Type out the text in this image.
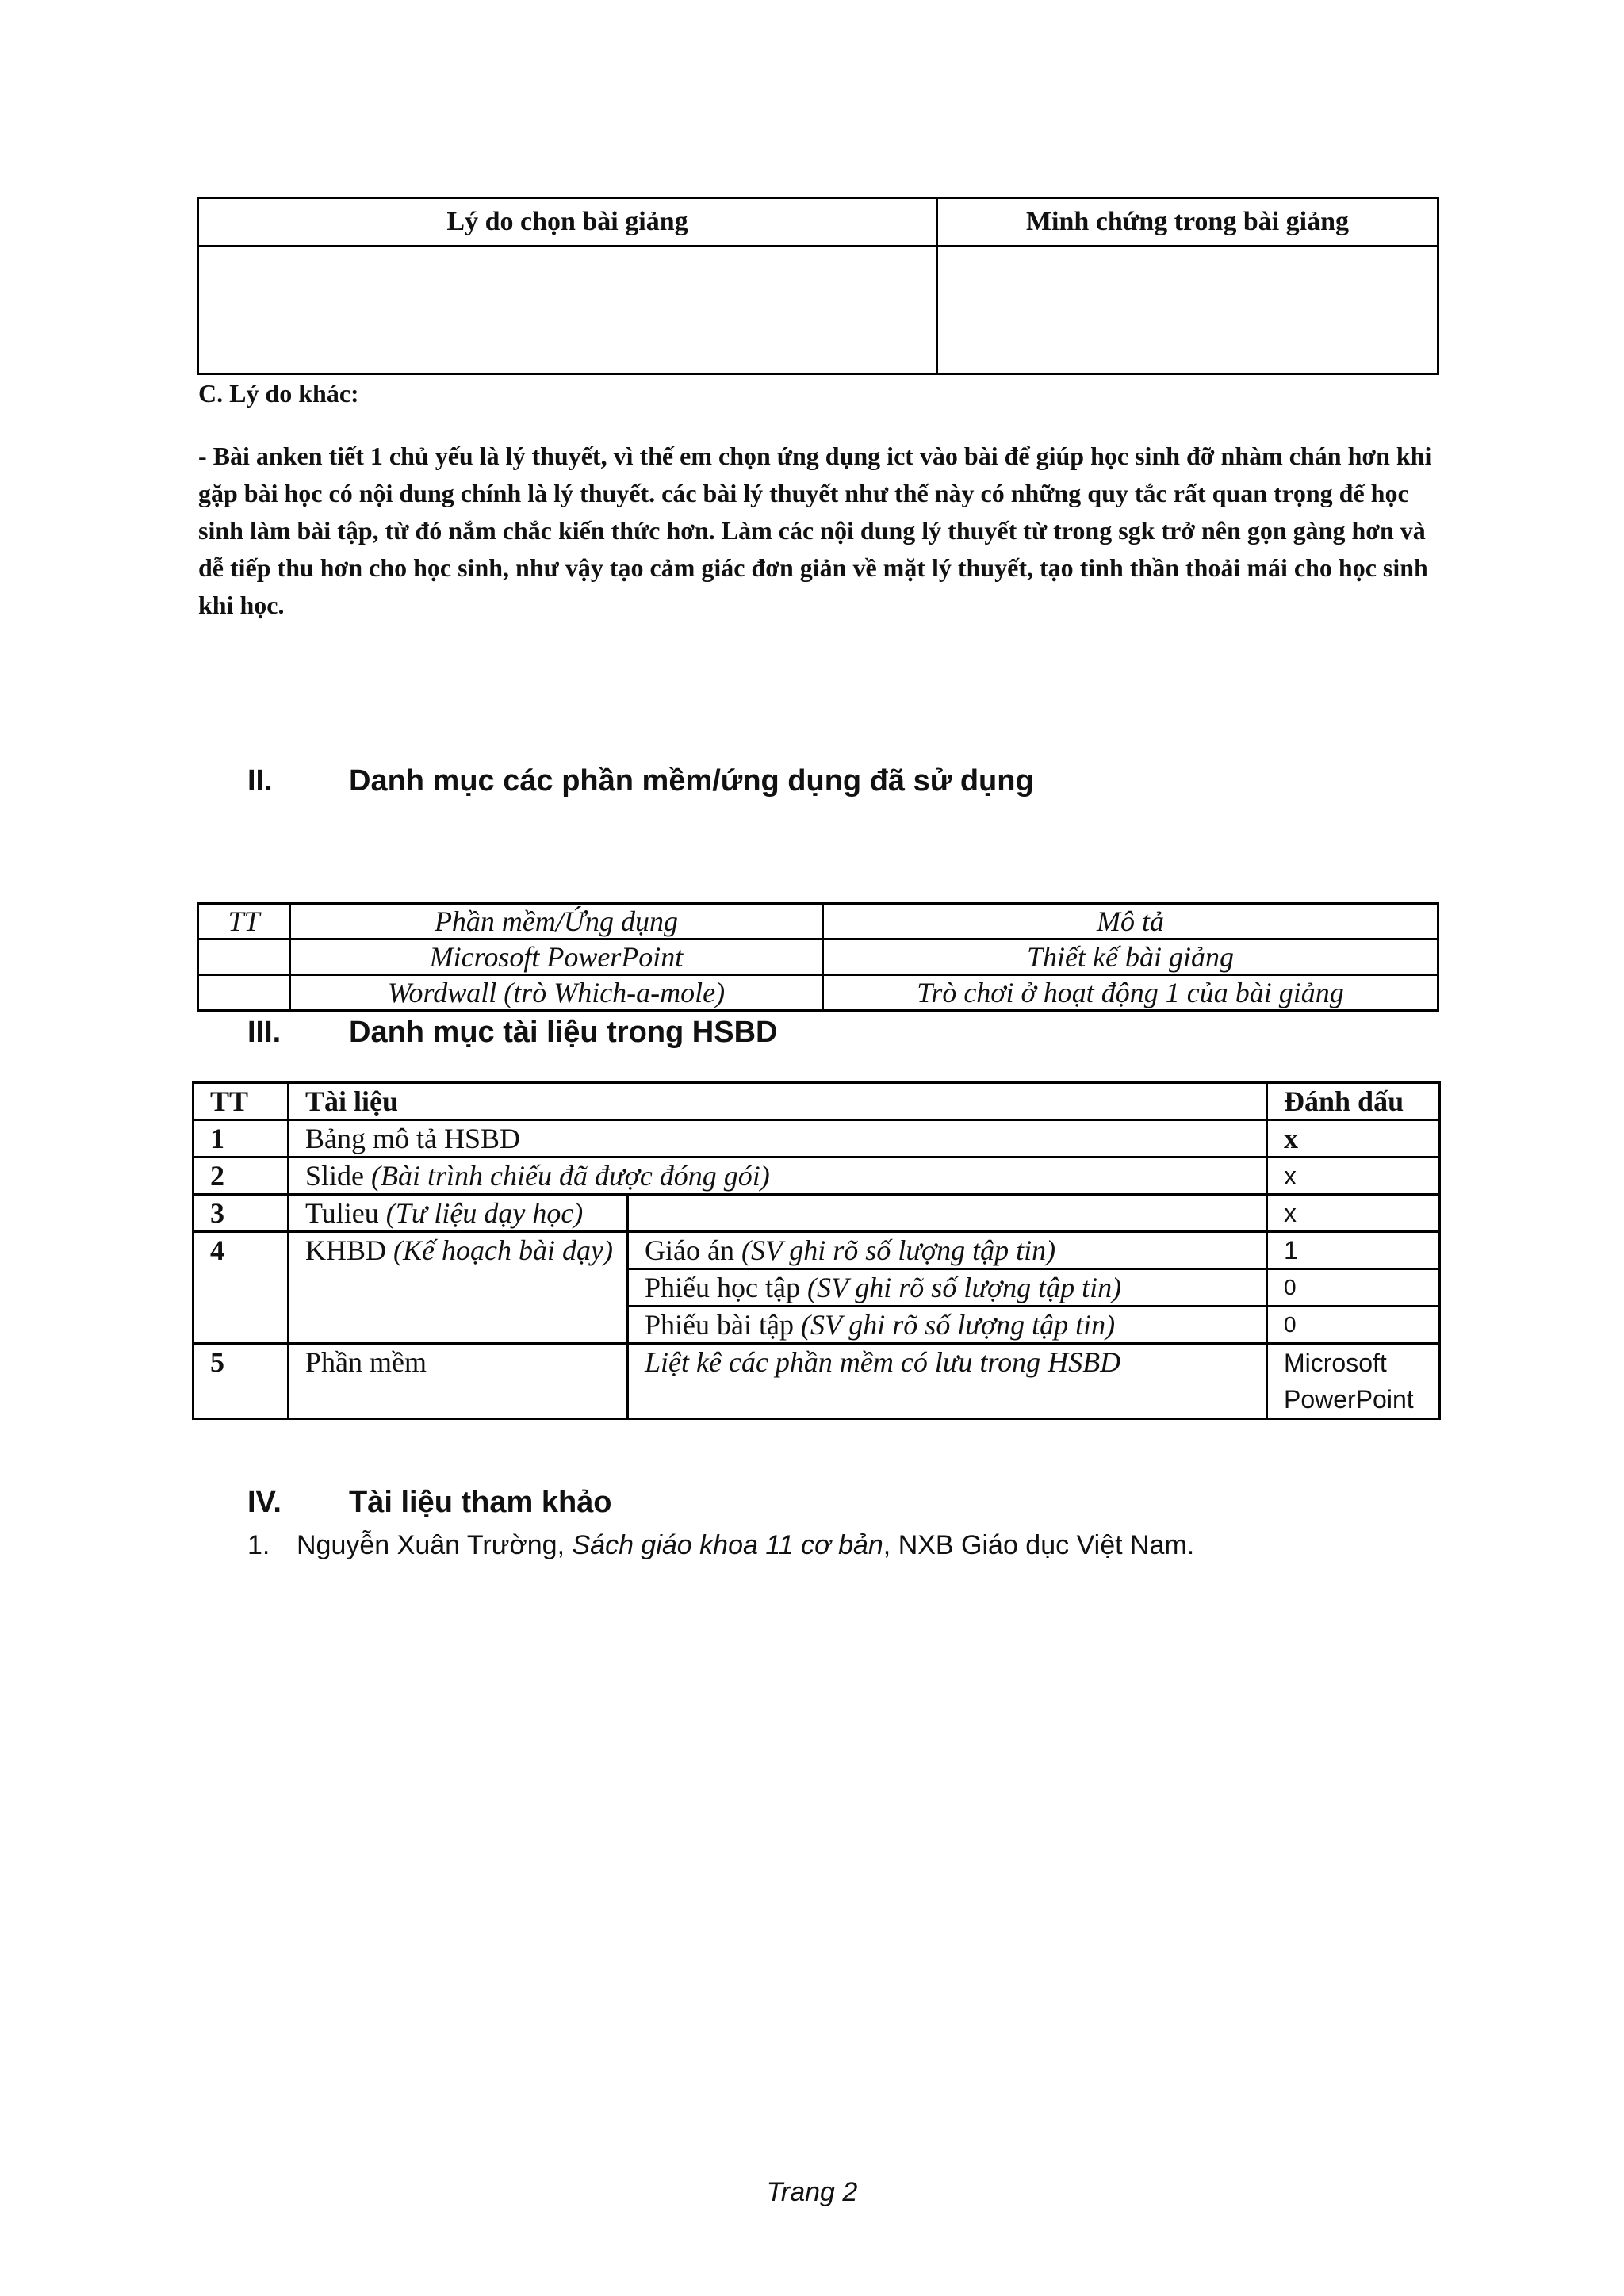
Lý do chọn bài giảng	Minh chứng trong bài giảng

C. Lý do khác:
- Bài anken tiết 1 chủ yếu là lý thuyết, vì thế em chọn ứng dụng ict vào bài để giúp học sinh đỡ nhàm chán hơn khi gặp bài học có nội dung chính là lý thuyết. các bài lý thuyết như thế này có những quy tắc rất quan trọng để học sinh làm bài tập, từ đó nắm chắc kiến thức hơn. Làm các nội dung lý thuyết từ trong sgk trở nên gọn gàng hơn và dễ tiếp thu hơn cho học sinh, như vậy tạo cảm giác đơn giản về mặt lý thuyết, tạo tinh thần thoải mái cho học sinh khi học.
II.	Danh mục các phần mềm/ứng dụng đã sử dụng
TT	Phần mềm/Ứng dụng	Mô tả
	Microsoft PowerPoint	Thiết kế bài giảng
	Wordwall (trò Which-a-mole)	Trò chơi ở hoạt động 1 của bài giảng
III. Danh mục tài liệu trong HSBD
TT	Tài liệu		Đánh dấu
1	Bảng mô tả HSBD		x
2	Slide (Bài trình chiếu đã được đóng gói)		x
3	Tulieu (Tư liệu dạy học)		x
4	KHBD (Kế hoạch bài dạy)	Giáo án (SV ghi rõ số lượng tập tin)	1
		Phiếu học tập (SV ghi rõ số lượng tập tin)	0
		Phiếu bài tập (SV ghi rõ số lượng tập tin)	0
5	Phần mềm	Liệt kê các phần mềm có lưu trong HSBD	Microsoft PowerPoint
IV. Tài liệu tham khảo
1. Nguyễn Xuân Trường, Sách giáo khoa 11 cơ bản, NXB Giáo dục Việt Nam.
Trang 2
